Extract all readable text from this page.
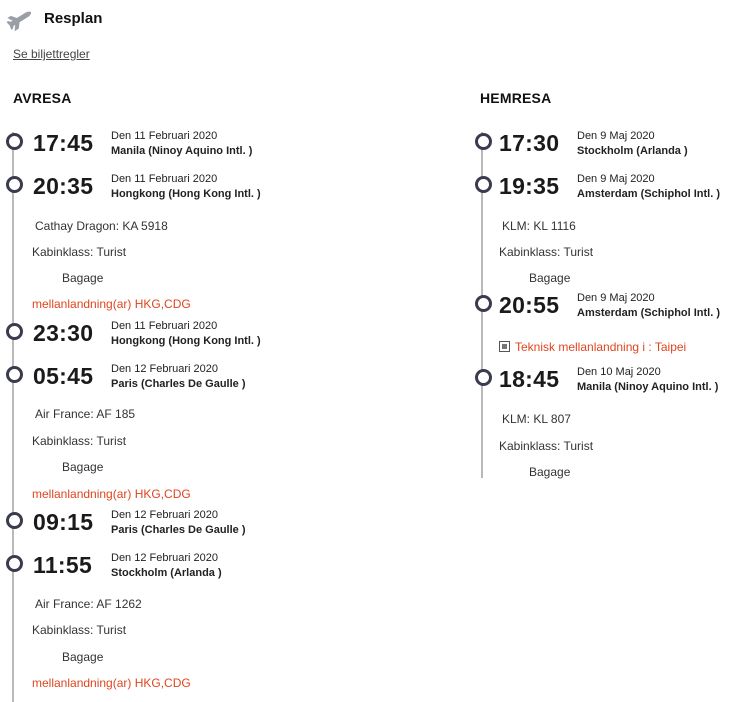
Resplan
Se biljettregler
AVRESA
17:45 Den 11 Februari 2020
Manila (Ninoy Aquino Intl. )
20:35 Den 11 Februari 2020
Hongkong (Hong Kong Intl. )
Cathay Dragon: KA 5918
Kabinklass: Turist
Bagage
mellanlandning(ar) HKG,CDG
23:30 Den 11 Februari 2020
Hongkong (Hong Kong Intl. )
05:45 Den 12 Februari 2020
Paris (Charles De Gaulle )
Air France: AF 185
Kabinklass: Turist
Bagage
mellanlandning(ar) HKG,CDG
09:15 Den 12 Februari 2020
Paris (Charles De Gaulle )
11:55 Den 12 Februari 2020
Stockholm (Arlanda )
Air France: AF 1262
Kabinklass: Turist
Bagage
mellanlandning(ar) HKG,CDG
HEMRESA
17:30 Den 9 Maj 2020
Stockholm (Arlanda )
19:35 Den 9 Maj 2020
Amsterdam (Schiphol Intl. )
KLM: KL 1116
Kabinklass: Turist
Bagage
20:55 Den 9 Maj 2020
Amsterdam (Schiphol Intl. )
Teknisk mellanlandning i : Taipei
18:45 Den 10 Maj 2020
Manila (Ninoy Aquino Intl. )
KLM: KL 807
Kabinklass: Turist
Bagage
